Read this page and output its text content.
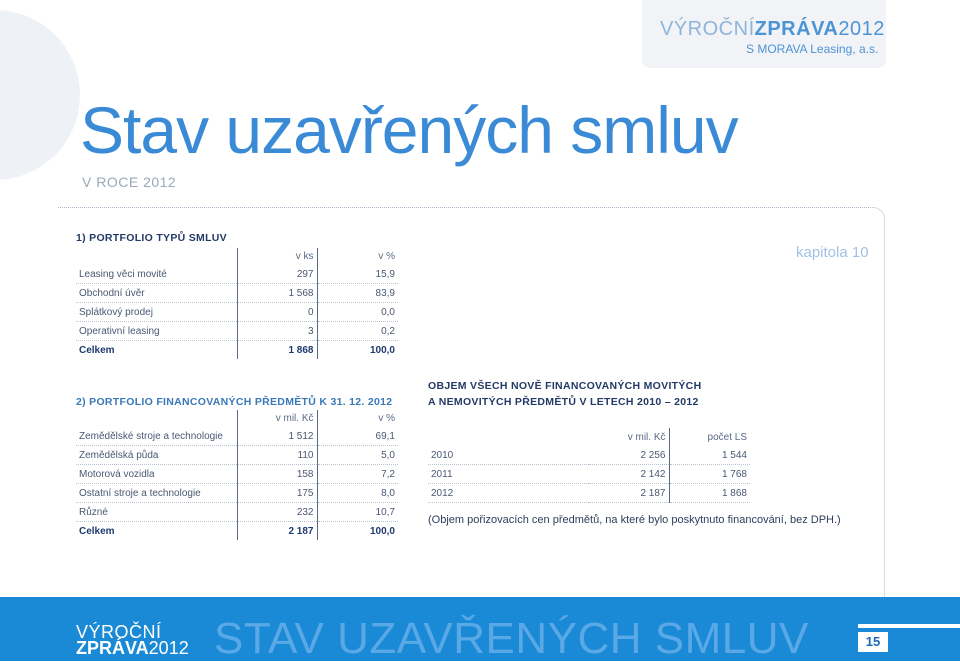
VÝROČNÍZPRÁVA2012
S MORAVA Leasing, a.s.
Stav uzavřených smluv
V ROCE 2012
kapitola 10
1) PORTFOLIO TYPŮ SMLUV
	v ks	v %
Leasing věci movité	297	15,9
Obchodní úvěr	1 568	83,9
Splátkový prodej	0	0,0
Operativní leasing	3	0,2
Celkem	1 868	100,0
2) PORTFOLIO FINANCOVANÝCH PŘEDMĚTŮ K 31. 12. 2012
	v mil. Kč	v %
Zemědělské stroje a technologie	1 512	69,1
Zemědělská půda	110	5,0
Motorová vozidla	158	7,2
Ostatní stroje a technologie	175	8,0
Různé	232	10,7
Celkem	2 187	100,0
OBJEM VŠECH NOVĚ FINANCOVANÝCH MOVITÝCH
A NEMOVITÝCH PŘEDMĚTŮ V LETECH 2010 – 2012
	v mil. Kč	počet LS
2010	2 256	1 544
2011	2 142	1 768
2012	2 187	1 868
(Objem pořizovacích cen předmětů, na které bylo poskytnuto financování, bez DPH.)
VÝROČNÍ
ZPRÁVA2012 STAV UZAVŘENÝCH SMLUV	15
